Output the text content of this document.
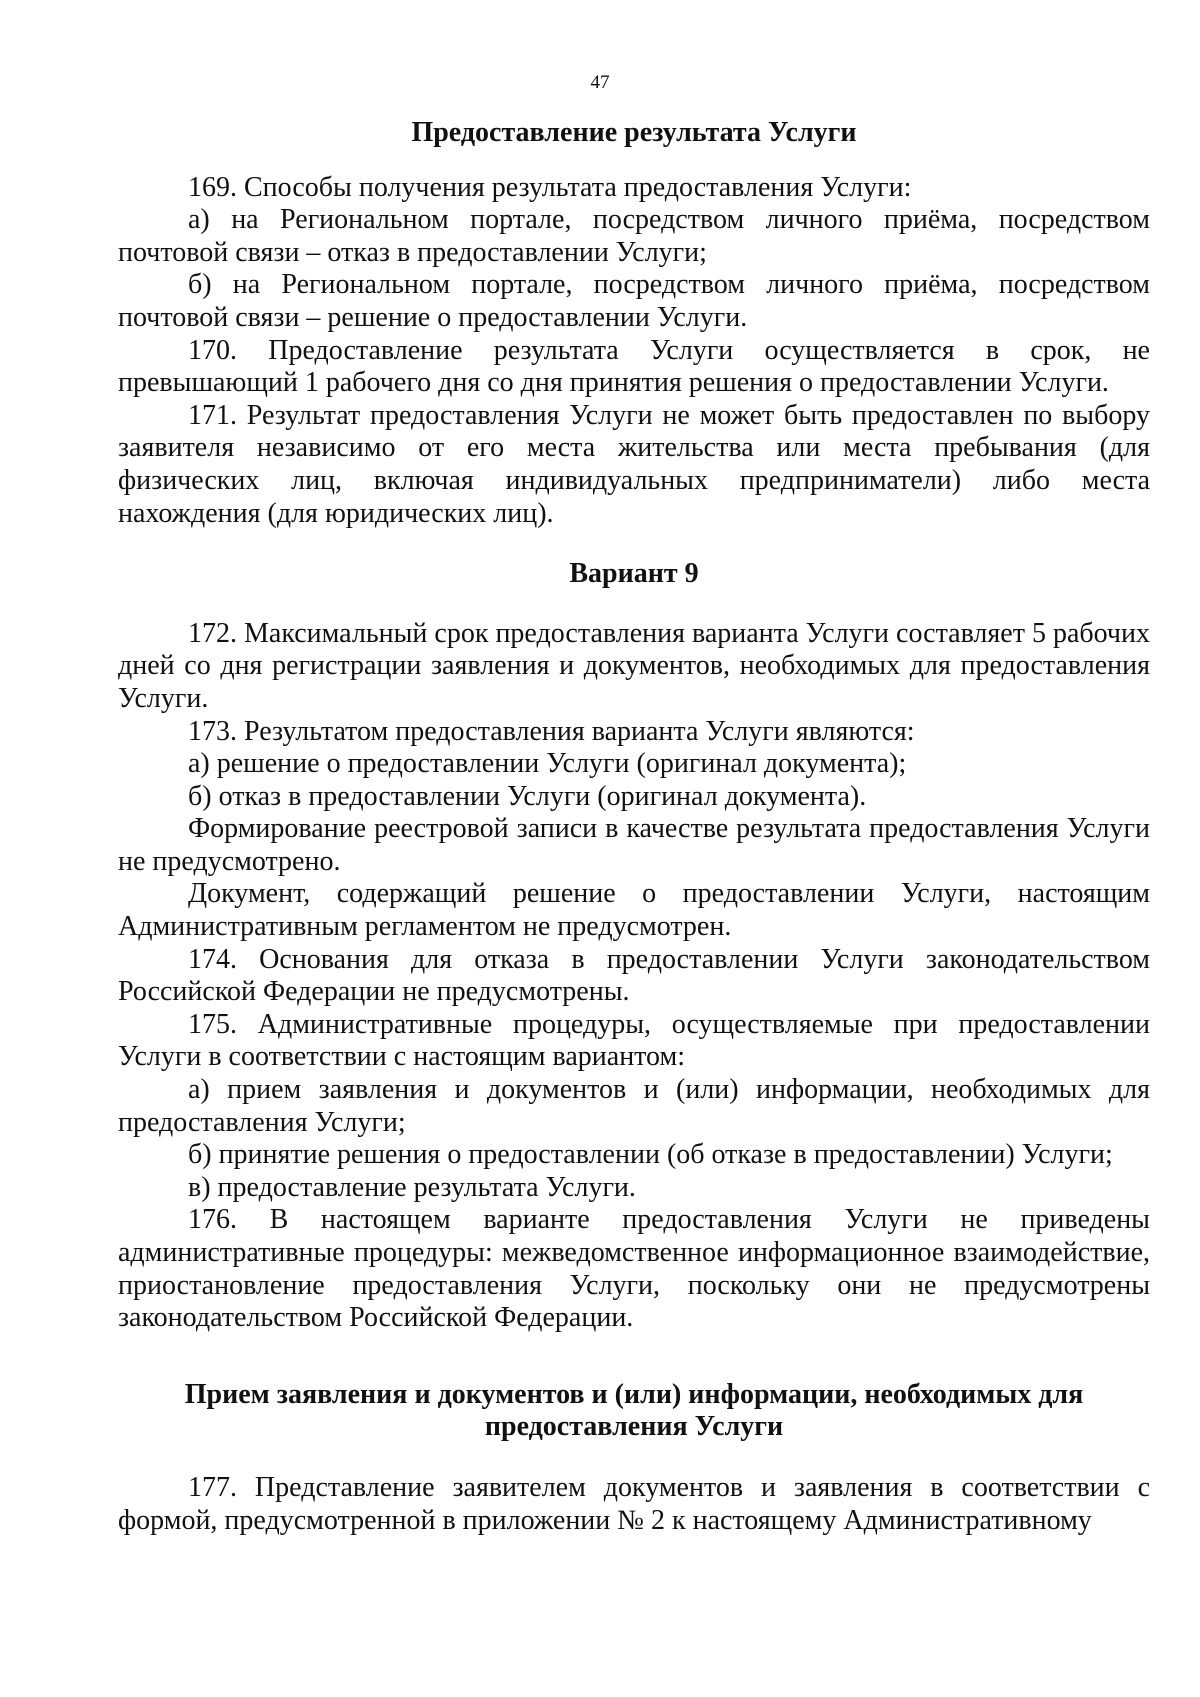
47

Предоставление результата Услуги

169. Способы получения результата предоставления Услуги:

а) на Региональном портале, посредством личного приёма, посредством почтовой связи – отказ в предоставлении Услуги;

б) на Региональном портале, посредством личного приёма, посредством почтовой связи – решение о предоставлении Услуги.

170. Предоставление результата Услуги осуществляется в срок, не превышающий 1 рабочего дня со дня принятия решения о предоставлении Услуги.

171. Результат предоставления Услуги не может быть предоставлен по выбору заявителя независимо от его места жительства или места пребывания (для физических лиц, включая индивидуальных предприниматели) либо места нахождения (для юридических лиц).

Вариант 9

172. Максимальный срок предоставления варианта Услуги составляет 5 рабочих дней со дня регистрации заявления и документов, необходимых для предоставления Услуги.

173. Результатом предоставления варианта Услуги являются:

а) решение о предоставлении Услуги (оригинал документа);

б) отказ в предоставлении Услуги (оригинал документа).

Формирование реестровой записи в качестве результата предоставления Услуги не предусмотрено.

Документ, содержащий решение о предоставлении Услуги, настоящим Административным регламентом не предусмотрен.

174. Основания для отказа в предоставлении Услуги законодательством Российской Федерации не предусмотрены.

175. Административные процедуры, осуществляемые при предоставлении Услуги в соответствии с настоящим вариантом:

а) прием заявления и документов и (или) информации, необходимых для предоставления Услуги;

б) принятие решения о предоставлении (об отказе в предоставлении) Услуги;

в) предоставление результата Услуги.

176. В настоящем варианте предоставления Услуги не приведены административные процедуры: межведомственное информационное взаимодействие, приостановление предоставления Услуги, поскольку они не предусмотрены законодательством Российской Федерации.

Прием заявления и документов и (или) информации, необходимых для
предоставления Услуги

177. Представление заявителем документов и заявления в соответствии с формой, предусмотренной в приложении № 2 к настоящему Административному
